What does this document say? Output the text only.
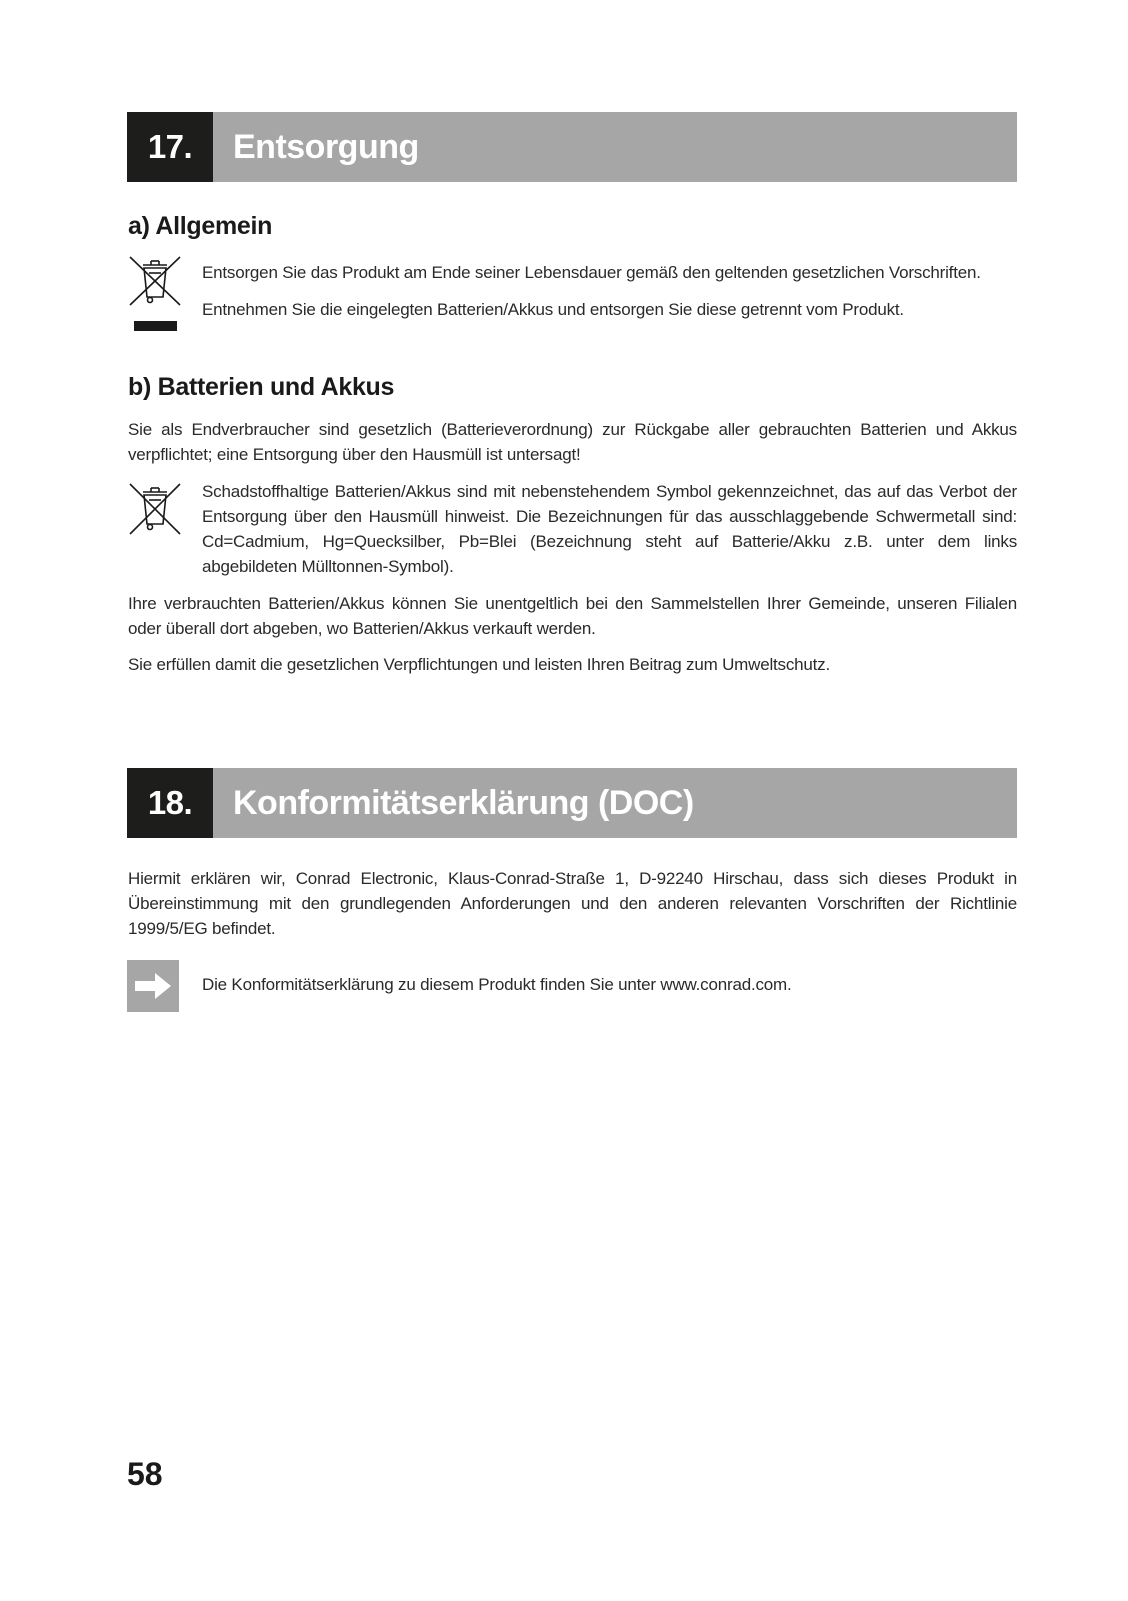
17.	Entsorgung
a) Allgemein
Entsorgen Sie das Produkt am Ende seiner Lebensdauer gemäß den geltenden gesetzlichen Vorschriften.
Entnehmen Sie die eingelegten Batterien/Akkus und entsorgen Sie diese getrennt vom Produkt.
b) Batterien und Akkus
Sie als Endverbraucher sind gesetzlich (Batterieverordnung) zur Rückgabe aller gebrauchten Batterien und Akkus verpflichtet; eine Entsorgung über den Hausmüll ist untersagt!
Schadstoffhaltige Batterien/Akkus sind mit nebenstehendem Symbol gekennzeichnet, das auf das Verbot der Entsorgung über den Hausmüll hinweist. Die Bezeichnungen für das ausschlaggebende Schwermetall sind: Cd=Cadmium, Hg=Quecksilber, Pb=Blei (Bezeichnung steht auf Batterie/Akku z.B. unter dem links abgebildeten Mülltonnen-Symbol).
Ihre verbrauchten Batterien/Akkus können Sie unentgeltlich bei den Sammelstellen Ihrer Gemeinde, unseren Filialen oder überall dort abgeben, wo Batterien/Akkus verkauft werden.
Sie erfüllen damit die gesetzlichen Verpflichtungen und leisten Ihren Beitrag zum Umweltschutz.
18.	Konformitätserklärung (DOC)
Hiermit erklären wir, Conrad Electronic, Klaus-Conrad-Straße 1, D-92240 Hirschau, dass sich dieses Produkt in Übereinstimmung mit den grundlegenden Anforderungen und den anderen relevanten Vorschriften der Richtlinie 1999/5/EG befindet.
Die Konformitätserklärung zu diesem Produkt finden Sie unter www.conrad.com.
58
